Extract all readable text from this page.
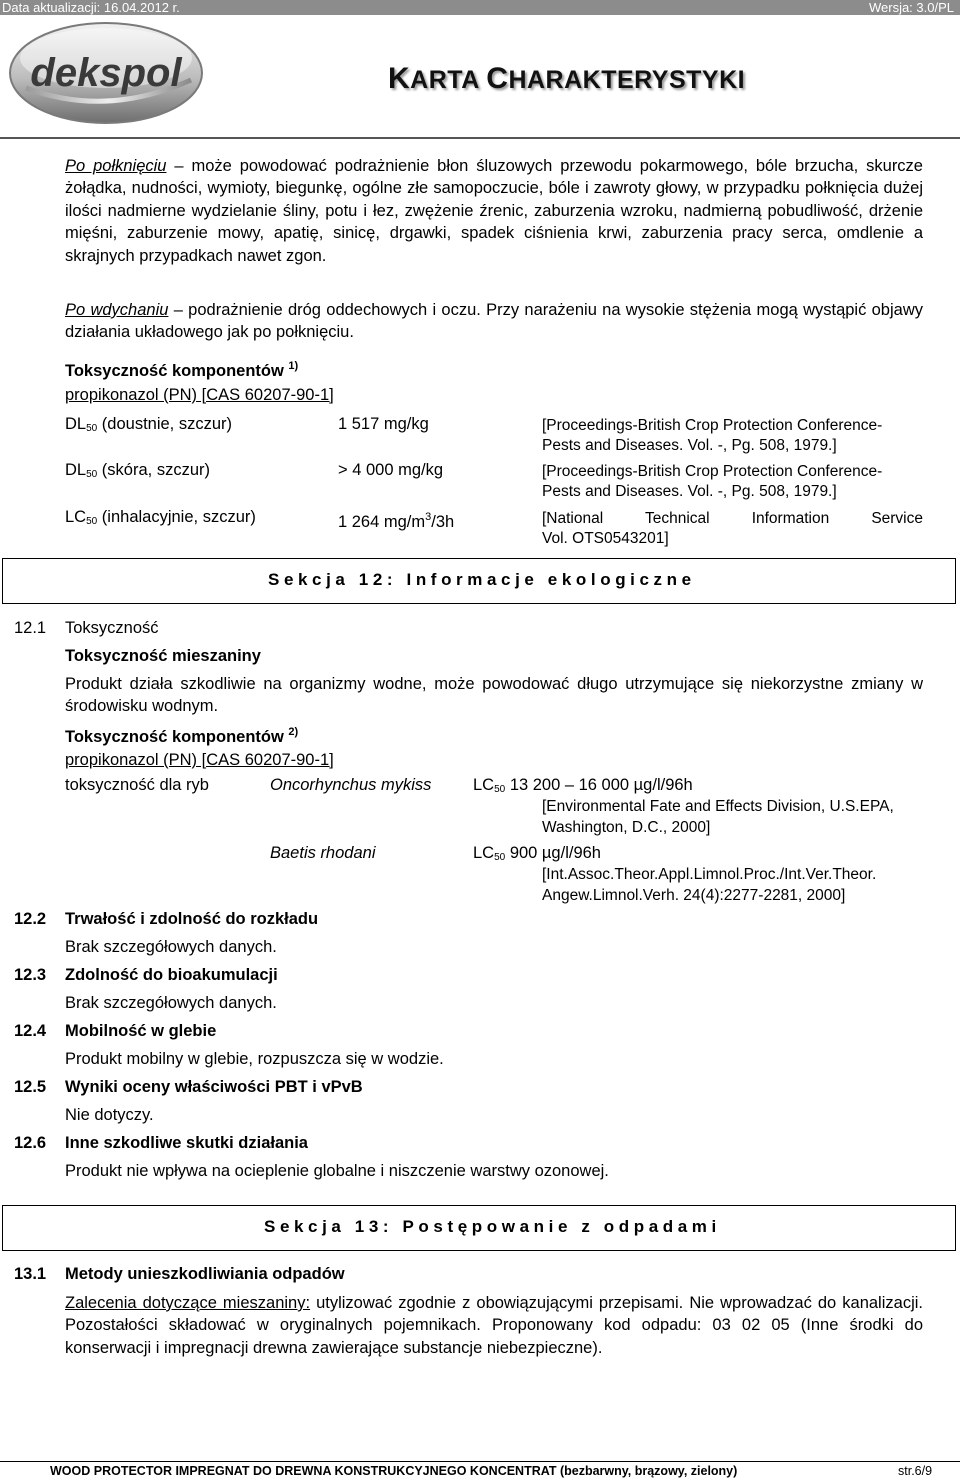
Data aktualizacji: 16.04.2012 r.	Wersja: 3.0/PL
dekspol	KARTA CHARAKTERYSTYKI
Po połknięciu – może powodować podrażnienie błon śluzowych przewodu pokarmowego, bóle brzucha, skurcze żołądka, nudności, wymioty, biegunkę, ogólne złe samopoczucie, bóle i zawroty głowy, w przypadku połknięcia dużej ilości nadmierne wydzielanie śliny, potu i łez, zwężenie źrenic, zaburzenia wzroku, nadmierną pobudliwość, drżenie mięśni, zaburzenie mowy, apatię, sinicę, drgawki, spadek ciśnienia krwi, zaburzenia pracy serca, omdlenie a skrajnych przypadkach nawet zgon.
Po wdychaniu – podrażnienie dróg oddechowych i oczu. Przy narażeniu na wysokie stężenia mogą wystąpić objawy działania układowego jak po połknięciu.
Toksyczność komponentów $^{1)}$
propikonazol (PN) [CAS 60207-90-1]
$DL_{50}$ (doustnie, szczur)	1 517 mg/kg	[Proceedings-British Crop Protection Conference-
Pests and Diseases. Vol. -, Pg. 508, 1979.]
$DL_{50}$ (skóra, szczur)	> 4 000 mg/kg	[Proceedings-British Crop Protection Conference-
Pests and Diseases. Vol. -, Pg. 508, 1979.]
$LC_{50}$ (inhalacyjnie, szczur)	1 264 $mg/m^3/3h$	[National Technical Information Service
Vol. OTS0543201]
Sekcja 12: Informacje ekologiczne
12.1 Toksyczność
Toksyczność mieszaniny
Produkt działa szkodliwie na organizmy wodne, może powodować długo utrzymujące się niekorzystne zmiany w środowisku wodnym.
Toksyczność komponentów $^{2)}$
propikonazol (PN) [CAS 60207-90-1]
toksyczność dla ryb	Oncorhynchus mykiss	$LC_{50}$ 13 200 – 16 000 µg/l/96h
[Environmental Fate and Effects Division, U.S.EPA,
Washington, D.C., 2000]
Baetis rhodani	$LC_{50}$ 900 µg/l/96h
[Int.Assoc.Theor.Appl.Limnol.Proc./Int.Ver.Theor.
Angew.Limnol.Verh. 24(4):2277-2281, 2000]
12.2 Trwałość i zdolność do rozkładu
Brak szczegółowych danych.
12.3 Zdolność do bioakumulacji
Brak szczegółowych danych.
12.4 Mobilność w glebie
Produkt mobilny w glebie, rozpuszcza się w wodzie.
12.5 Wyniki oceny właściwości PBT i vPvB
Nie dotyczy.
12.6 Inne szkodliwe skutki działania
Produkt nie wpływa na ocieplenie globalne i niszczenie warstwy ozonowej.
Sekcja 13: Postępowanie z odpadami
13.1 Metody unieszkodliwiania odpadów
Zalecenia dotyczące mieszaniny: utylizować zgodnie z obowiązującymi przepisami. Nie wprowadzać do kanalizacji. Pozostałości składować w oryginalnych pojemnikach. Proponowany kod odpadu: 03 02 05 (Inne środki do konserwacji i impregnacji drewna zawierające substancje niebezpieczne).
WOOD PROTECTOR IMPREGNAT DO DREWNA KONSTRUKCYJNEGO KONCENTRAT (bezbarwny, brązowy, zielony)	str.6/9
